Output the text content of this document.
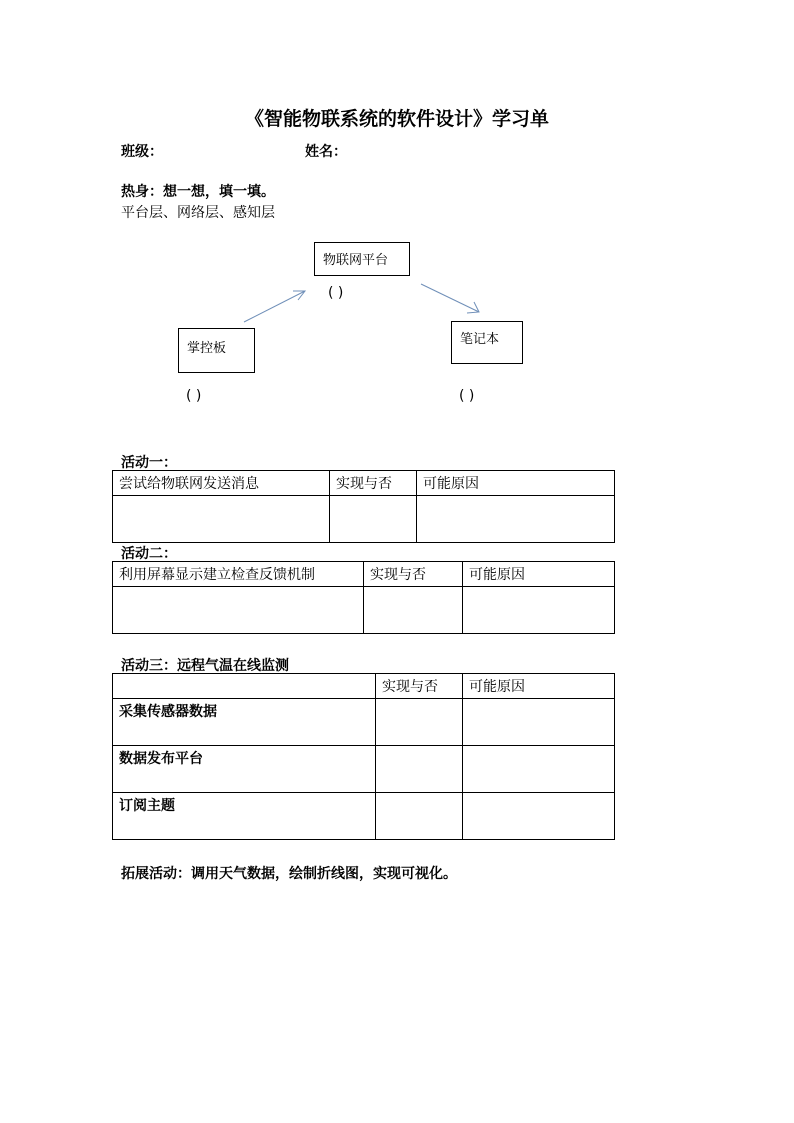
《智能物联系统的软件设计》学习单
班级：	姓名：
热身：想一想，填一填。
平台层、网络层、感知层
物联网平台
( )
掌控板
( )
笔记本
( )
活动一：
尝试给物联网发送消息	实现与否	可能原因

活动二：
利用屏幕显示建立检查反馈机制	实现与否	可能原因

活动三：远程气温在线监测
	实现与否	可能原因
采集传感器数据		
数据发布平台		
订阅主题		
拓展活动：调用天气数据，绘制折线图，实现可视化。
